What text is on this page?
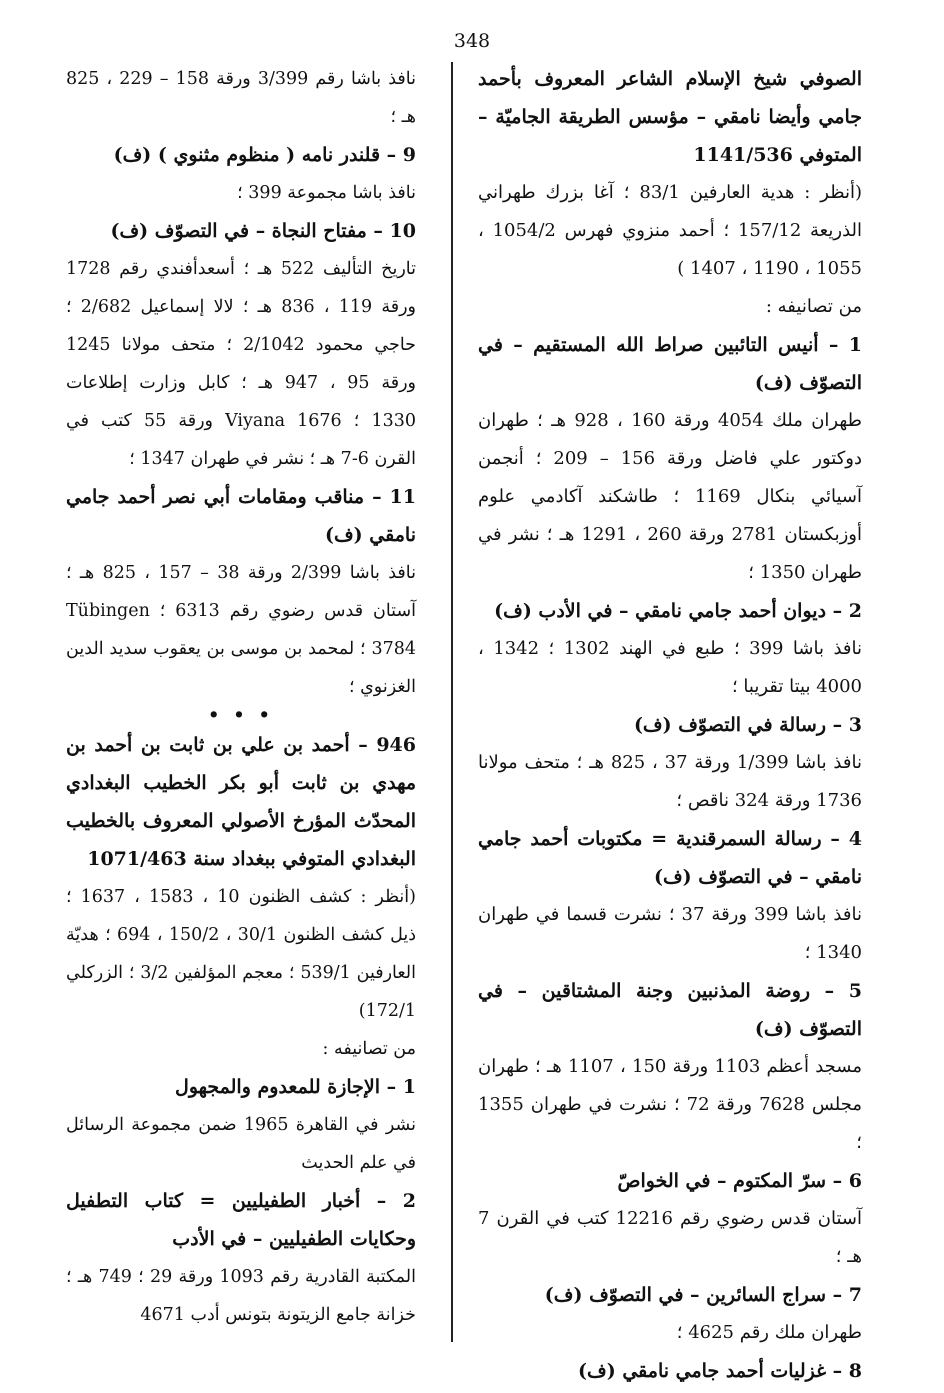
348

الصوفي شيخ الإسلام الشاعر المعروف بأحمد جامي وأيضا نامقي – مؤسس الطريقة الجاميّة – المتوفي 1141/536

(أنظر : هدية العارفين 83/1 ؛ آغا بزرك طهراني الذريعة 157/12 ؛ أحمد منزوي فهرس 1054/2 ، 1055 ، 1190 ، 1407 )

من تصانيفه :

1 – أنيس التائبين صراط الله المستقيم – في التصوّف (ف)

طهران ملك 4054 ورقة 160 ، 928 هـ ؛ طهران دوكتور علي فاضل ورقة 156 – 209 ؛ أنجمن آسيائي بنكال 1169 ؛ طاشكند آكادمي علوم أوزبكستان 2781 ورقة 260 ، 1291 هـ ؛ نشر في طهران 1350 ؛

2 – ديوان أحمد جامي نامقي – في الأدب (ف)

نافذ باشا 399 ؛ طبع في الهند 1302 ؛ 1342 ، 4000 بيتا تقريبا ؛

3 – رسالة في التصوّف (ف)

نافذ باشا 1/399 ورقة 37 ، 825 هـ ؛ متحف مولانا 1736 ورقة 324 ناقص ؛

4 – رسالة السمرقندية = مكتوبات أحمد جامي نامقي – في التصوّف (ف)

نافذ باشا 399 ورقة 37 ؛ نشرت قسما في طهران 1340 ؛

5 – روضة المذنبين وجنة المشتاقين – في التصوّف (ف)

مسجد أعظم 1103 ورقة 150 ، 1107 هـ ؛ طهران مجلس 7628 ورقة 72 ؛ نشرت في طهران 1355 ؛

6 – سرّ المكتوم – في الخواصّ

آستان قدس رضوي رقم 12216 كتب في القرن 7 هـ ؛

7 – سراج السائرين – في التصوّف (ف)

طهران ملك رقم 4625 ؛

8 – غزليات أحمد جامي نامقي (ف)

نافذ باشا رقم 3/399 ورقة 158 – 229 ، 825 هـ ؛

9 – قلندر نامه ( منظوم مثنوي ) (ف)

نافذ باشا مجموعة 399 ؛

10 – مفتاح النجاة – في التصوّف (ف)

تاريخ التأليف 522 هـ ؛ أسعدأفندي رقم 1728 ورقة 119 ، 836 هـ ؛ لالا إسماعيل 2/682 ؛ حاجي محمود 2/1042 ؛ متحف مولانا 1245 ورقة 95 ، 947 هـ ؛ كابل وزارت إطلاعات 1330 ؛ Viyana 1676 ورقة 55 كتب في القرن 6-7 هـ ؛ نشر في طهران 1347 ؛

11 – مناقب ومقامات أبي نصر أحمد جامي نامقي (ف)

نافذ باشا 2/399 ورقة 38 – 157 ، 825 هـ ؛ آستان قدس رضوي رقم 6313 ؛ Tübingen 3784 ؛ لمحمد بن موسى بن يعقوب سديد الدين الغزنوي ؛

• • •

946 – أحمد بن علي بن ثابت بن أحمد بن مهدي بن ثابت أبو بكر الخطيب البغدادي المحدّث المؤرخ الأصولي المعروف بالخطيب البغدادي المتوفي ببغداد سنة 1071/463

(أنظر : كشف الظنون 10 ، 1583 ، 1637 ؛ ذيل كشف الظنون 30/1 ، 150/2 ، 694 ؛ هديّة العارفين 539/1 ؛ معجم المؤلفين 3/2 ؛ الزركلي 172/1)

من تصانيفه :

1 – الإجازة للمعدوم والمجهول

نشر في القاهرة 1965 ضمن مجموعة الرسائل في علم الحديث

2 – أخبار الطفيليين = كتاب التطفيل وحكايات الطفيليين – في الأدب

المكتبة القادرية رقم 1093 ورقة 29 ؛ 749 هـ ؛ خزانة جامع الزيتونة بتونس أدب 4671
